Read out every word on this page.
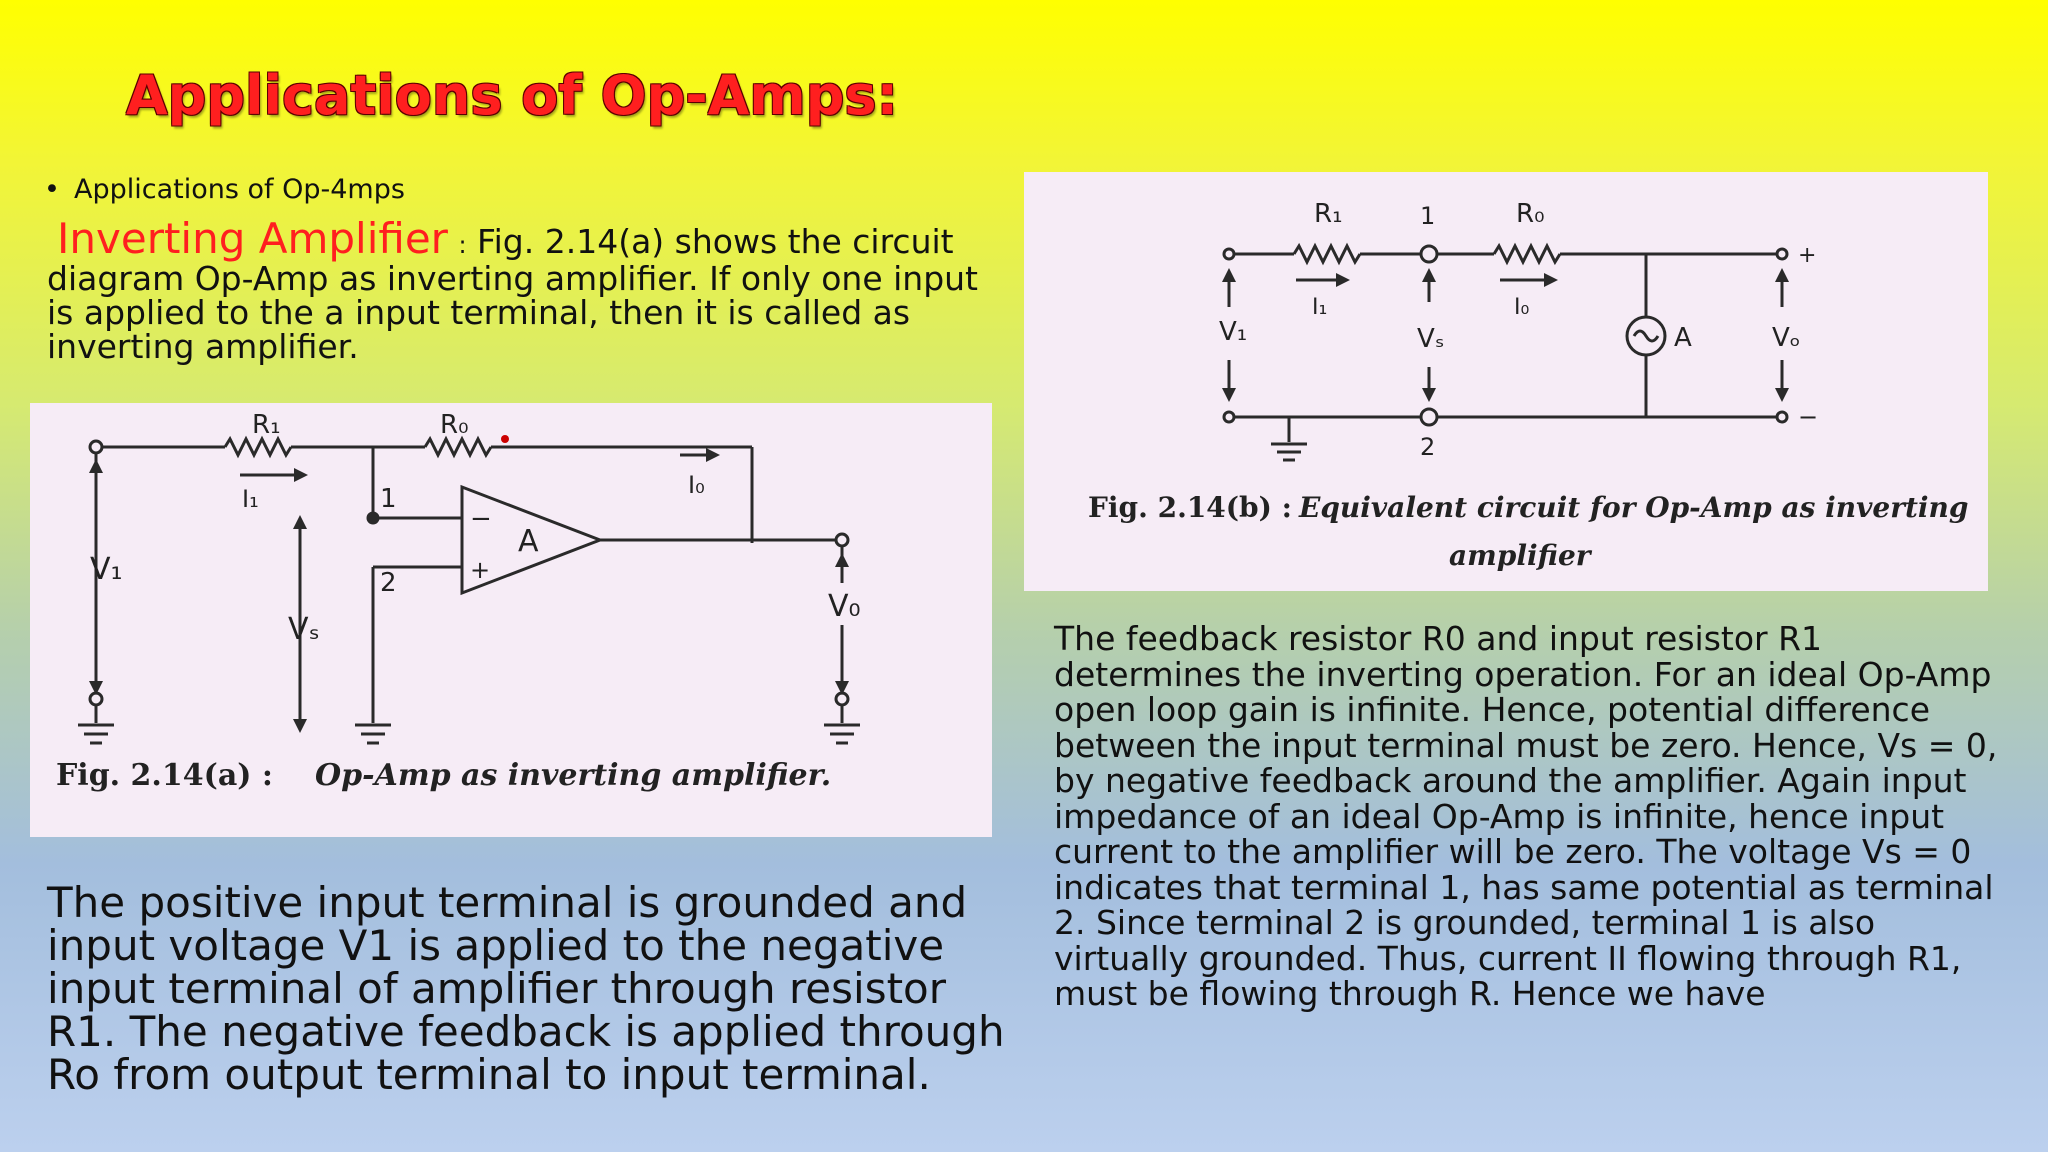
Applications of Op-Amps:
• Applications of Op-4mps
Inverting Amplifier : Fig. 2.14(a) shows the circuit diagram Op-Amp as inverting amplifier. If only one input is applied to the a input terminal, then it is called as inverting amplifier.
R₁	R₀
I₁	I₀
V₁
Vₛ
V₀
1
2
A
−
+
Fig. 2.14(a) : Op-Amp as inverting amplifier.
R₁	R₀
1
2
I₁	I₀
V₁	Vₛ	Vₒ
A
+
−
Fig. 2.14(b) : Equivalent circuit for Op-Amp as inverting
amplifier
The positive input terminal is grounded and input voltage V1 is applied to the negative input terminal of amplifier through resistor R1. The negative feedback is applied through Ro from output terminal to input terminal.
The feedback resistor R0 and input resistor R1 determines the inverting operation. For an ideal Op-Amp open loop gain is infinite. Hence, potential difference between the input terminal must be zero. Hence, Vs = 0, by negative feedback around the amplifier. Again input impedance of an ideal Op-Amp is infinite, hence input current to the amplifier will be zero. The voltage Vs = 0 indicates that terminal 1, has same potential as terminal 2. Since terminal 2 is grounded, terminal 1 is also virtually grounded. Thus, current II flowing through R1, must be flowing through R. Hence we have
